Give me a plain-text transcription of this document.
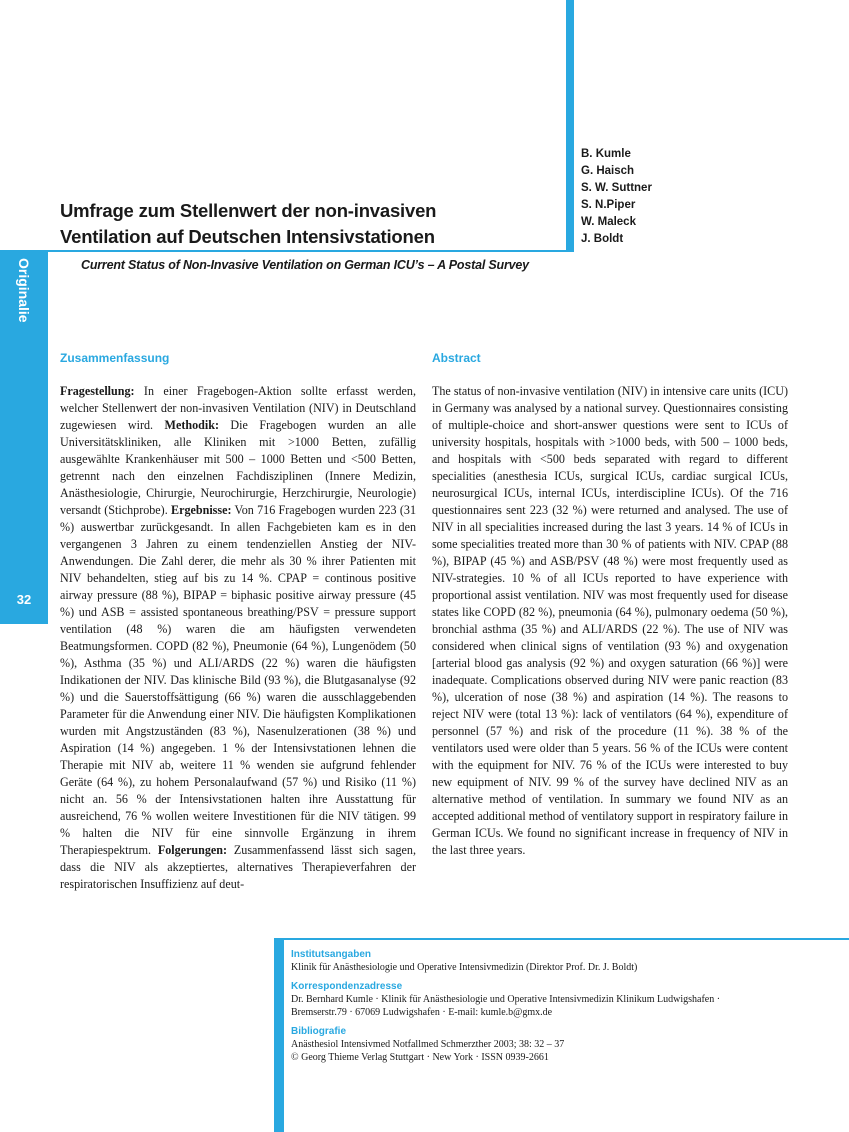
Originalie
32
Umfrage zum Stellenwert der non-invasiven
Ventilation auf Deutschen Intensivstationen

Current Status of Non-Invasive Ventilation on German ICU’s – A Postal Survey

B. Kumle
G. Haisch
S. W. Suttner
S. N.Piper
W. Maleck
J. Boldt
Zusammenfassung	Abstract

Fragestellung: In einer Fragebogen-Aktion sollte erfasst werden, welcher Stellenwert der non-invasiven Ventilation (NIV) in Deutschland zugewiesen wird. Methodik: Die Fragebogen wurden an alle Universitätskliniken, alle Kliniken mit >1000 Betten, zufällig ausgewählte Krankenhäuser mit 500 – 1000 Betten und <500 Betten, getrennt nach den einzelnen Fachdisziplinen (Innere Medizin, Anästhesiologie, Chirurgie, Neurochirurgie, Herzchirurgie, Neurologie) versandt (Stichprobe). Ergebnisse: Von 716 Fragebogen wurden 223 (31 %) auswertbar zurückgesandt. In allen Fachgebieten kam es in den vergangenen 3 Jahren zu einem tendenziellen Anstieg der NIV-Anwendungen. Die Zahl derer, die mehr als 30 % ihrer Patienten mit NIV behandelten, stieg auf bis zu 14 %. CPAP = continous positive airway pressure (88 %), BIPAP = biphasic positive airway pressure (45 %) und ASB = assisted spontaneous breathing/PSV = pressure support ventilation (48 %) waren die am häufigsten verwendeten Beatmungsformen. COPD (82 %), Pneumonie (64 %), Lungenödem (50 %), Asthma (35 %) und ALI/ARDS (22 %) waren die häufigsten Indikationen der NIV. Das klinische Bild (93 %), die Blutgasanalyse (92 %) und die Sauerstoffsättigung (66 %) waren die ausschlaggebenden Parameter für die Anwendung einer NIV. Die häufigsten Komplikationen wurden mit Angstzuständen (83 %), Nasenulzerationen (38 %) und Aspiration (14 %) angegeben. 1 % der Intensivstationen lehnen die Therapie mit NIV ab, weitere 11 % wenden sie aufgrund fehlender Geräte (64 %), zu hohem Personalaufwand (57 %) und Risiko (11 %) nicht an. 56 % der Intensivstationen halten ihre Ausstattung für ausreichend, 76 % wollen weitere Investitionen für die NIV tätigen. 99 % halten die NIV für eine sinnvolle Ergänzung in ihrem Therapiespektrum. Folgerungen: Zusammenfassend lässt sich sagen, dass die NIV als akzeptiertes, alternatives Therapieverfahren der respiratorischen Insuffizienz auf deut-

The status of non-invasive ventilation (NIV) in intensive care units (ICU) in Germany was analysed by a national survey. Questionnaires consisting of multiple-choice and short-answer questions were sent to ICUs of university hospitals, hospitals with >1000 beds, with 500 – 1000 beds, and hospitals with <500 beds separated with regard to different specialities (anesthesia ICUs, surgical ICUs, cardiac surgical ICUs, neurosurgical ICUs, internal ICUs, interdiscipline ICUs). Of the 716 questionnaires sent 223 (32 %) were returned and analysed. The use of NIV in all specialities increased during the last 3 years. 14 % of ICUs in some specialities treated more than 30 % of patients with NIV. CPAP (88 %), BIPAP (45 %) and ASB/PSV (48 %) were most frequently used as NIV-strategies. 10 % of all ICUs reported to have experience with proportional assist ventilation. NIV was most frequently used for disease states like COPD (82 %), pneumonia (64 %), pulmonary oedema (50 %), bronchial asthma (35 %) and ALI/ARDS (22 %). The use of NIV was considered when clinical signs of ventilation (93 %) and oxygenation [arterial blood gas analysis (92 %) and oxygen saturation (66 %)] were inadequate. Complications observed during NIV were panic reaction (83 %), ulceration of nose (38 %) and aspiration (14 %). The reasons to reject NIV were (total 13 %): lack of ventilators (64 %), expenditure of personnel (57 %) and risk of the procedure (11 %). 38 % of the ventilators used were older than 5 years. 56 % of the ICUs were content with the equipment for NIV. 76 % of the ICUs were interested to buy new equipment of NIV. 99 % of the survey have declined NIV as an alternative method of ventilation. In summary we found NIV as an accepted additional method of ventilatory support in respiratory failure in German ICUs. We found no significant increase in frequency of NIV in the last three years.

Institutsangaben

Klinik für Anästhesiologie und Operative Intensivmedizin (Direktor Prof. Dr. J. Boldt)

Korrespondenzadresse

Dr. Bernhard Kumle · Klinik für Anästhesiologie und Operative Intensivmedizin Klinikum Ludwigshafen ·

Bremserstr.79 · 67069 Ludwigshafen · E-mail: kumle.b@gmx.de

Bibliografie

Anästhesiol Intensivmed Notfallmed Schmerzther 2003; 38: 32 – 37

© Georg Thieme Verlag Stuttgart · New York · ISSN 0939-2661
